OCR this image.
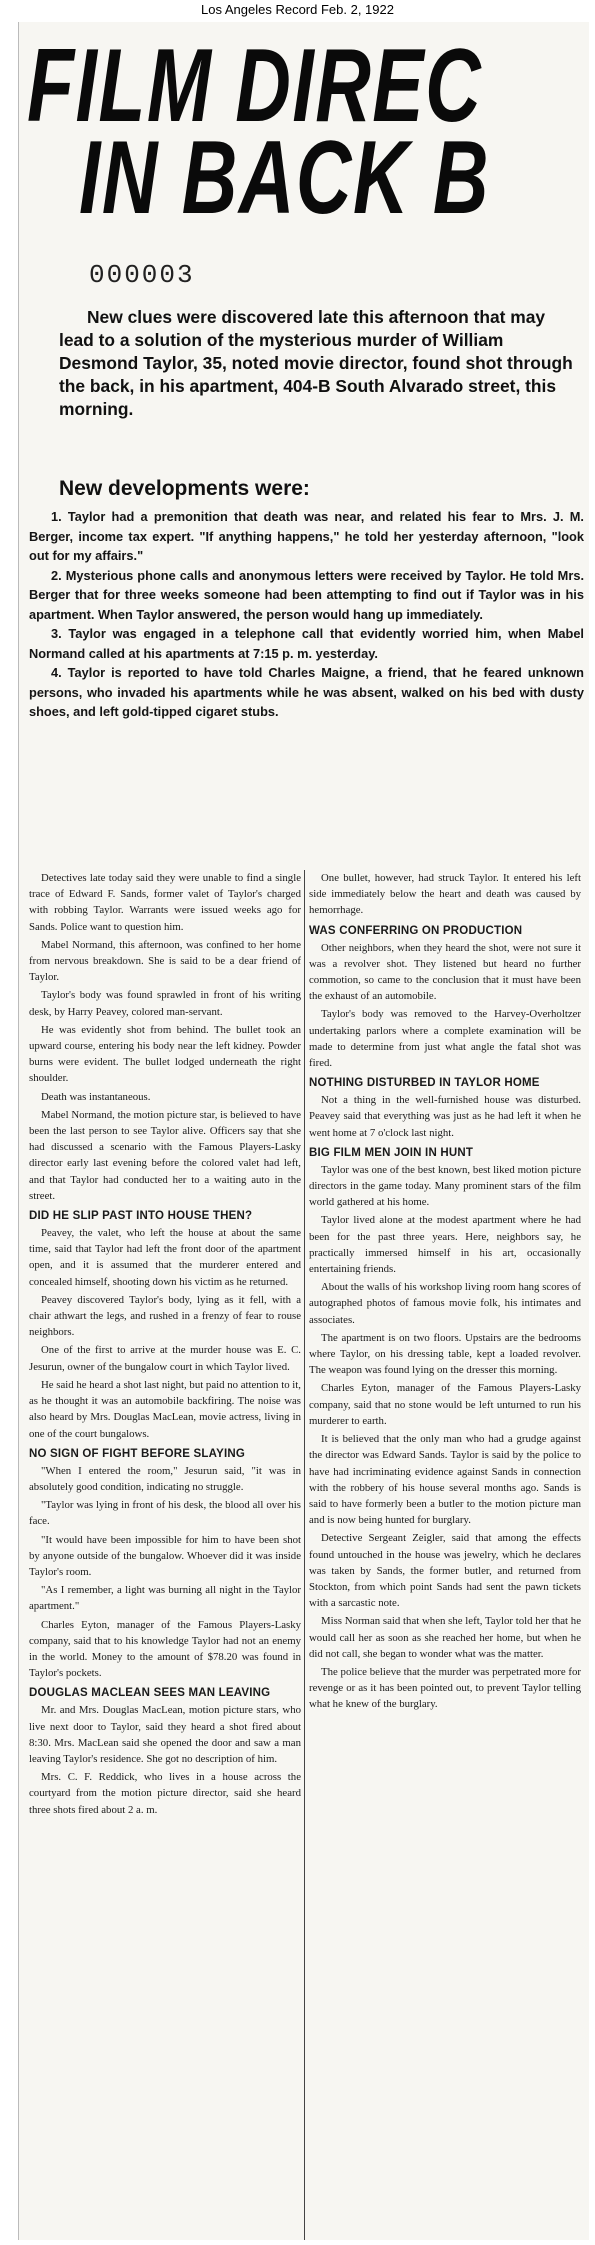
Los Angeles Record Feb. 2, 1922
FILM DIREC
IN BACK B
000003
New clues were discovered late this afternoon that may lead to a solution of the mysterious murder of William Desmond Taylor, 35, noted movie director, found shot through the back, in his apartment, 404-B South Alvarado street, this morning.
New developments were:

1. Taylor had a premonition that death was near, and related his fear to Mrs. J. M. Berger, income tax expert. "If anything happens," he told her yesterday afternoon, "look out for my affairs."

2. Mysterious phone calls and anonymous letters were received by Taylor. He told Mrs. Berger that for three weeks someone had been attempting to find out if Taylor was in his apartment. When Taylor answered, the person would hang up immediately.

3. Taylor was engaged in a telephone call that evidently worried him, when Mabel Normand called at his apartments at 7:15 p. m. yesterday.

4. Taylor is reported to have told Charles Maigne, a friend, that he feared unknown persons, who invaded his apartments while he was absent, walked on his bed with dusty shoes, and left gold-tipped cigaret stubs.

Detectives late today said they were unable to find a single trace of Edward F. Sands, former valet of Taylor's charged with robbing Taylor. Warrants were issued weeks ago for Sands. Police want to question him.

Mabel Normand, this afternoon, was confined to her home from nervous breakdown. She is said to be a dear friend of Taylor.

Taylor's body was found sprawled in front of his writing desk, by Harry Peavey, colored man-servant.

He was evidently shot from behind. The bullet took an upward course, entering his body near the left kidney. Powder burns were evident. The bullet lodged underneath the right shoulder.

Death was instantaneous.

Mabel Normand, the motion picture star, is believed to have been the last person to see Taylor alive. Officers say that she had discussed a scenario with the Famous Players-Lasky director early last evening before the colored valet had left, and that Taylor had conducted her to a waiting auto in the street.

DID HE SLIP PAST INTO HOUSE THEN?

Peavey, the valet, who left the house at about the same time, said that Taylor had left the front door of the apartment open, and it is assumed that the murderer entered and concealed himself, shooting down his victim as he returned.

Peavey discovered Taylor's body, lying as it fell, with a chair athwart the legs, and rushed in a frenzy of fear to rouse neighbors.

One of the first to arrive at the murder house was E. C. Jesurun, owner of the bungalow court in which Taylor lived.

He said he heard a shot last night, but paid no attention to it, as he thought it was an automobile backfiring. The noise was also heard by Mrs. Douglas MacLean, movie actress, living in one of the court bungalows.

NO SIGN OF FIGHT BEFORE SLAYING

"When I entered the room," Jesurun said, "it was in absolutely good condition, indicating no struggle.

"Taylor was lying in front of his desk, the blood all over his face.

"It would have been impossible for him to have been shot by anyone outside of the bungalow. Whoever did it was inside Taylor's room.

"As I remember, a light was burning all night in the Taylor apartment."

Charles Eyton, manager of the Famous Players-Lasky company, said that to his knowledge Taylor had not an enemy in the world. Money to the amount of $78.20 was found in Taylor's pockets.

DOUGLAS MACLEAN SEES MAN LEAVING

Mr. and Mrs. Douglas MacLean, motion picture stars, who live next door to Taylor, said they heard a shot fired about 8:30. Mrs. MacLean said she opened the door and saw a man leaving Taylor's residence. She got no description of him.

Mrs. C. F. Reddick, who lives in a house across the courtyard from the motion picture director, said she heard three shots fired about 2 a. m.

One bullet, however, had struck Taylor. It entered his left side immediately below the heart and death was caused by hemorrhage.

WAS CONFERRING ON PRODUCTION

Other neighbors, when they heard the shot, were not sure it was a revolver shot. They listened but heard no further commotion, so came to the conclusion that it must have been the exhaust of an automobile.

Taylor's body was removed to the Harvey-Overholtzer undertaking parlors where a complete examination will be made to determine from just what angle the fatal shot was fired.

NOTHING DISTURBED IN TAYLOR HOME

Not a thing in the well-furnished house was disturbed. Peavey said that everything was just as he had left it when he went home at 7 o'clock last night.

BIG FILM MEN JOIN IN HUNT

Taylor was one of the best known, best liked motion picture directors in the game today. Many prominent stars of the film world gathered at his home.

Taylor lived alone at the modest apartment where he had been for the past three years. Here, neighbors say, he practically immersed himself in his art, occasionally entertaining friends.

About the walls of his workshop living room hang scores of autographed photos of famous movie folk, his intimates and associates.

The apartment is on two floors. Upstairs are the bedrooms where Taylor, on his dressing table, kept a loaded revolver. The weapon was found lying on the dresser this morning.

Charles Eyton, manager of the Famous Players-Lasky company, said that no stone would be left unturned to run his murderer to earth.

It is believed that the only man who had a grudge against the director was Edward Sands. Taylor is said by the police to have had incriminating evidence against Sands in connection with the robbery of his house several months ago. Sands is said to have formerly been a butler to the motion picture man and is now being hunted for burglary.

Detective Sergeant Zeigler, said that among the effects found untouched in the house was jewelry, which he declares was taken by Sands, the former butler, and returned from Stockton, from which point Sands had sent the pawn tickets with a sarcastic note.

Miss Norman said that when she left, Taylor told her that he would call her as soon as she reached her home, but when he did not call, she began to wonder what was the matter.

The police believe that the murder was perpetrated more for revenge or as it has been pointed out, to prevent Taylor telling what he knew of the burglary.
